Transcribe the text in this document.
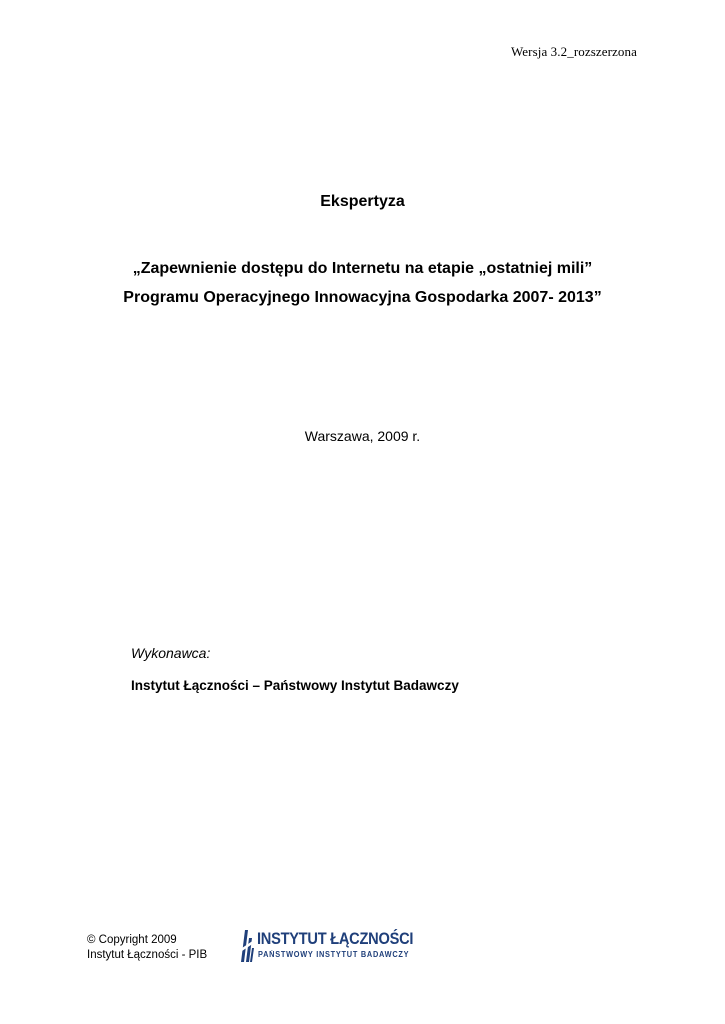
Wersja 3.2_rozszerzona
Ekspertyza
„Zapewnienie dostępu do Internetu na etapie „ostatniej mili”
Programu Operacyjnego Innowacyjna Gospodarka 2007- 2013”
Warszawa, 2009 r.
Wykonawca:
Instytut Łączności – Państwowy Instytut Badawczy
© Copyright 2009
Instytut Łączności - PIB
INSTYTUT ŁĄCZNOŚCI
PAŃSTWOWY INSTYTUT BADAWCZY
